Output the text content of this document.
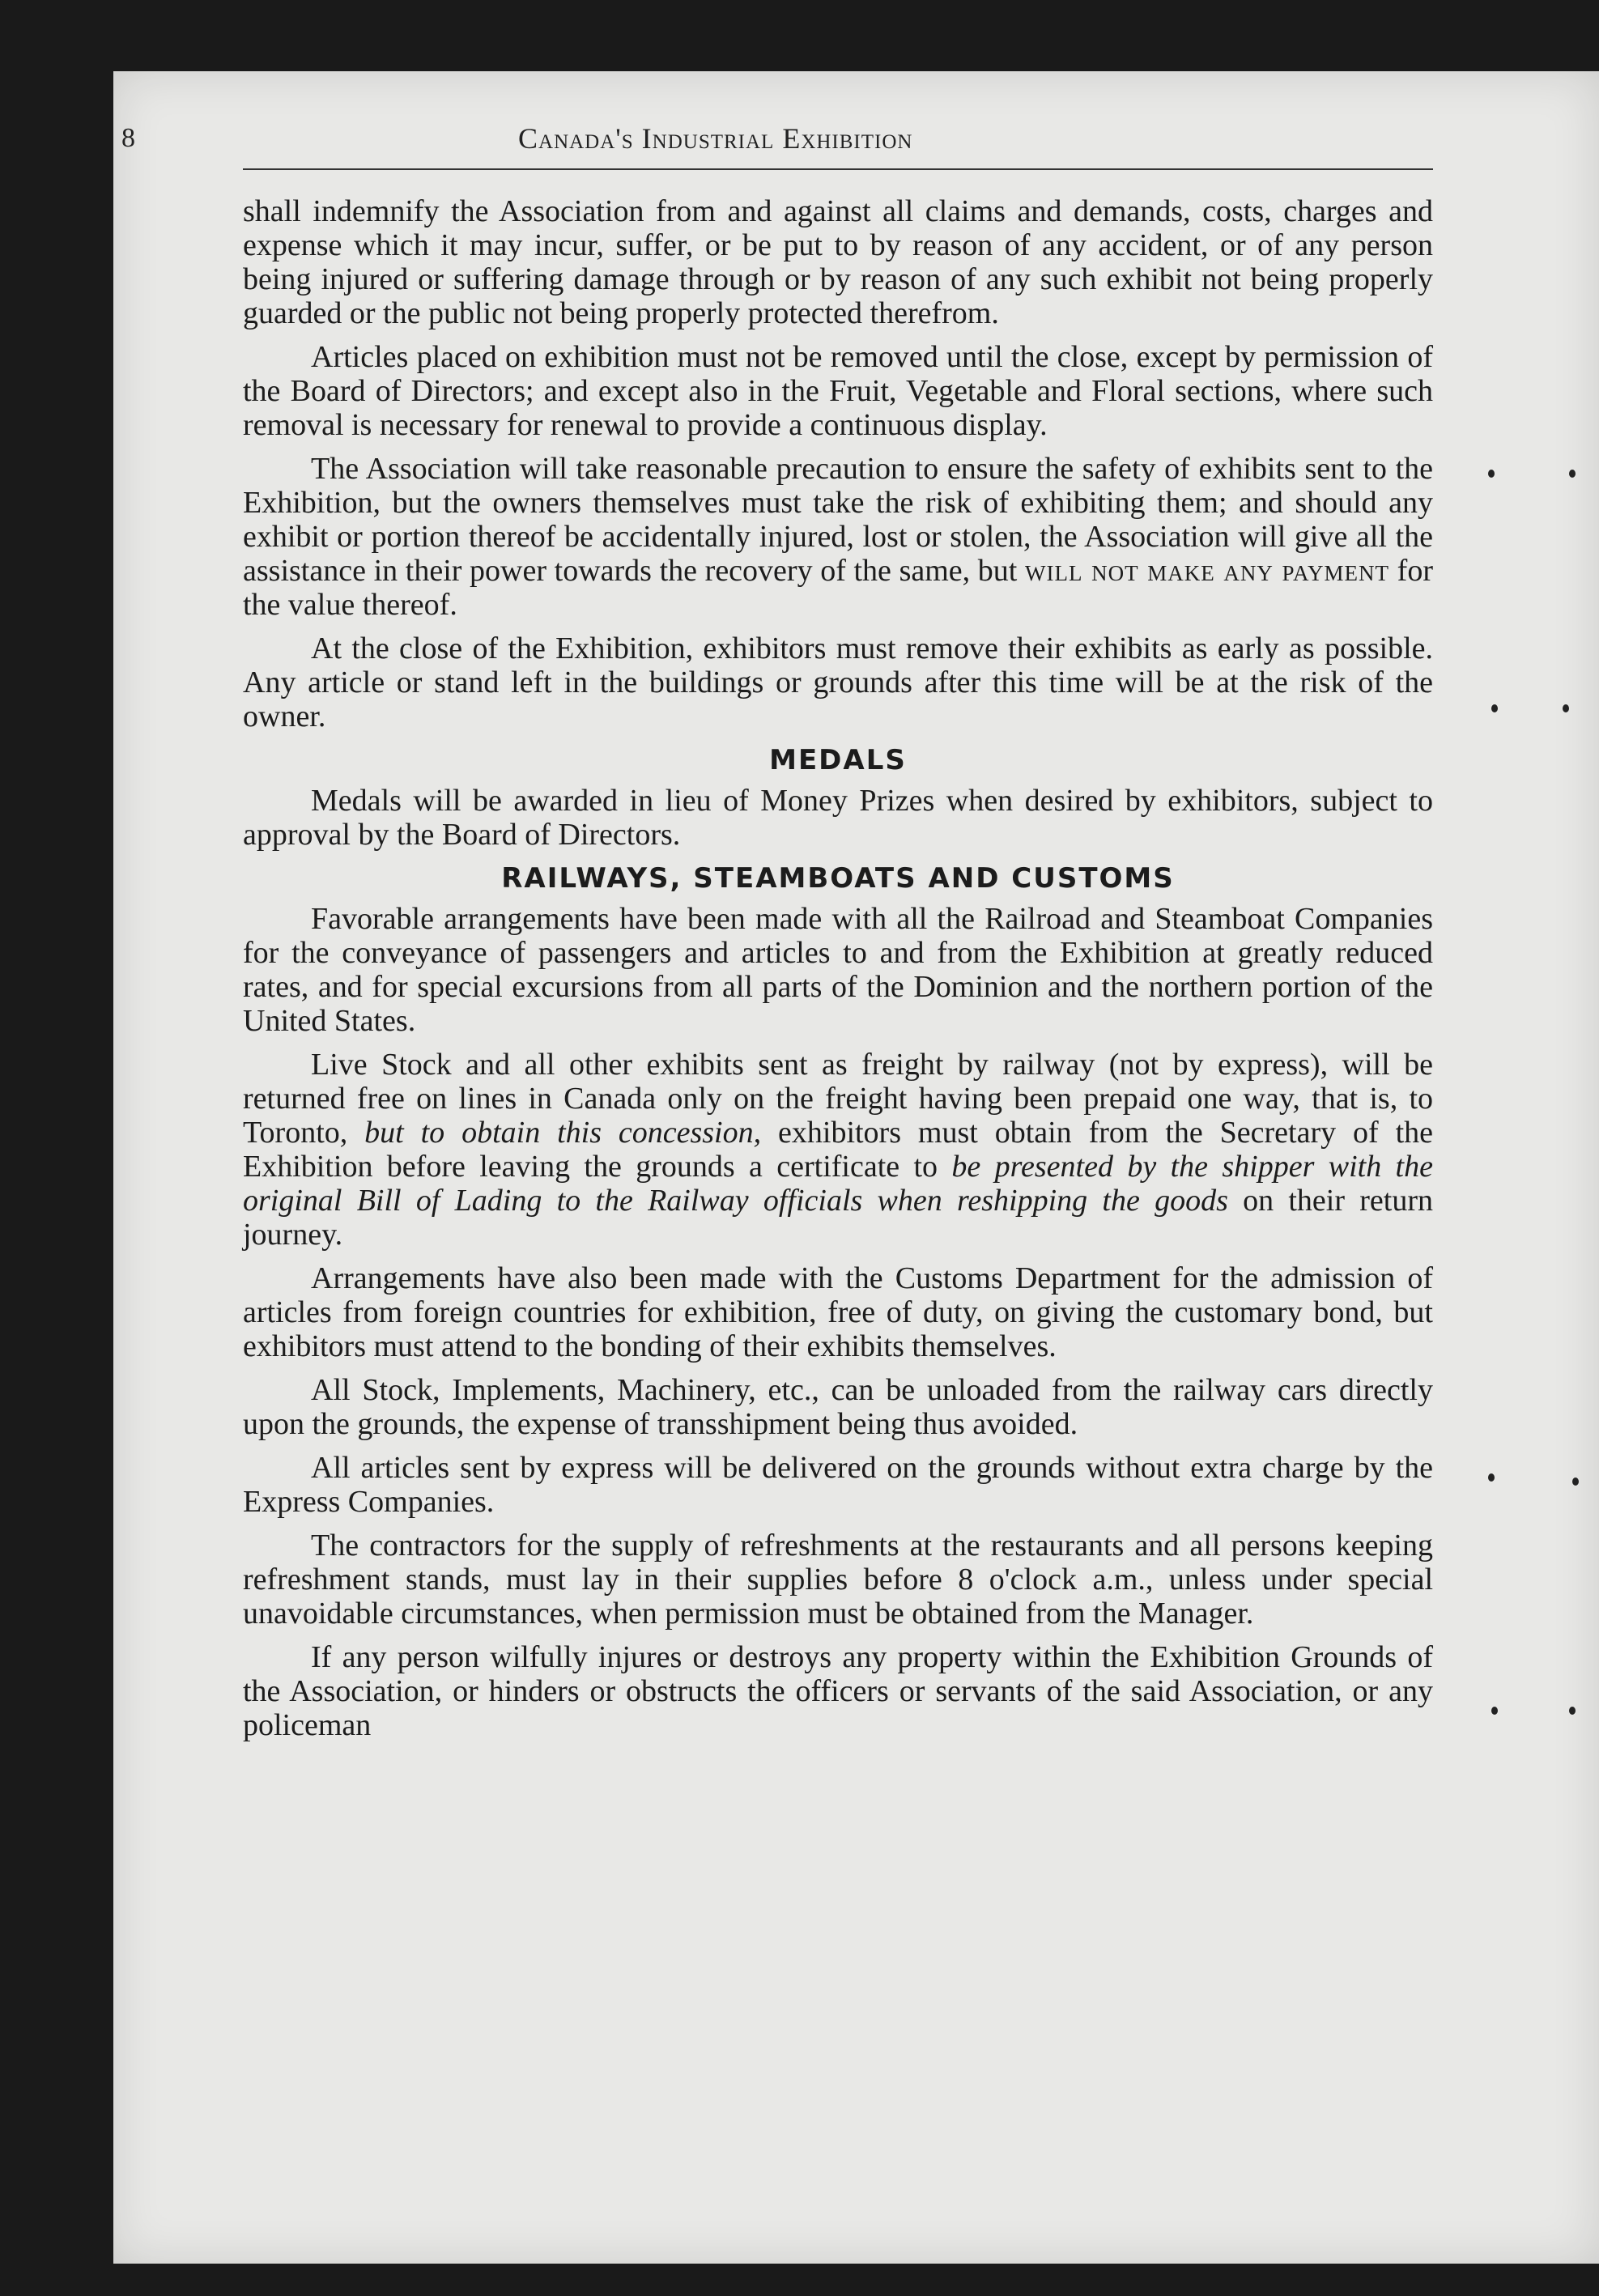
8	Canada's Industrial Exhibition

shall indemnify the Association from and against all claims and demands, costs, charges and expense which it may incur, suffer, or be put to by reason of any accident, or of any person being injured or suffering damage through or by reason of any such exhibit not being properly guarded or the public not being properly protected therefrom.

Articles placed on exhibition must not be removed until the close, except by permission of the Board of Directors; and except also in the Fruit, Vegetable and Floral sections, where such removal is necessary for renewal to provide a continuous display.

The Association will take reasonable precaution to ensure the safety of exhibits sent to the Exhibition, but the owners themselves must take the risk of exhibiting them; and should any exhibit or portion thereof be accidentally injured, lost or stolen, the Association will give all the assistance in their power towards the recovery of the same, but will not make any payment for the value thereof.

At the close of the Exhibition, exhibitors must remove their exhibits as early as possible. Any article or stand left in the buildings or grounds after this time will be at the risk of the owner.

MEDALS

Medals will be awarded in lieu of Money Prizes when desired by exhibitors, subject to approval by the Board of Directors.

RAILWAYS, STEAMBOATS AND CUSTOMS

Favorable arrangements have been made with all the Railroad and Steamboat Companies for the conveyance of passengers and articles to and from the Exhibition at greatly reduced rates, and for special excursions from all parts of the Dominion and the northern portion of the United States.

Live Stock and all other exhibits sent as freight by railway (not by express), will be returned free on lines in Canada only on the freight having been prepaid one way, that is, to Toronto, but to obtain this concession, exhibitors must obtain from the Secretary of the Exhibition before leaving the grounds a certificate to be presented by the shipper with the original Bill of Lading to the Railway officials when reshipping the goods on their return journey.

Arrangements have also been made with the Customs Department for the admission of articles from foreign countries for exhibition, free of duty, on giving the customary bond, but exhibitors must attend to the bonding of their exhibits themselves.

All Stock, Implements, Machinery, etc., can be unloaded from the railway cars directly upon the grounds, the expense of transshipment being thus avoided.

All articles sent by express will be delivered on the grounds without extra charge by the Express Companies.

The contractors for the supply of refreshments at the restaurants and all persons keeping refreshment stands, must lay in their supplies before 8 o'clock a.m., unless under special unavoidable circumstances, when permission must be obtained from the Manager.

If any person wilfully injures or destroys any property within the Exhibition Grounds of the Association, or hinders or obstructs the officers or servants of the said Association, or any policeman
